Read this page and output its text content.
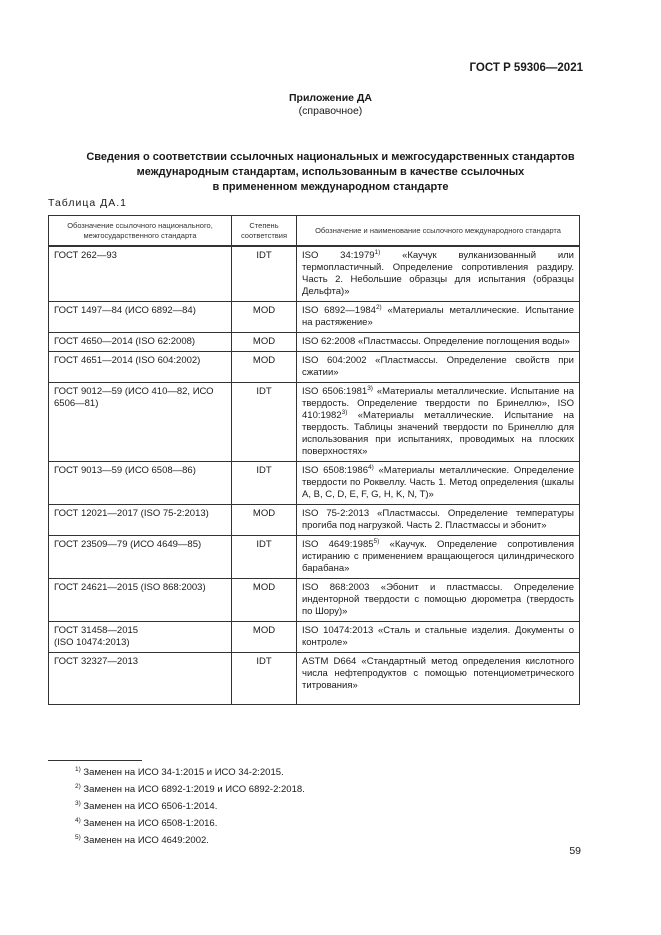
ГОСТ Р 59306—2021
Приложение ДА
(справочное)
Сведения о соответствии ссылочных национальных и межгосударственных стандартов
международным стандартам, использованным в качестве ссылочных
в примененном международном стандарте
Таблица ДА.1
Обозначение ссылочного национального, межгосударственного стандарта	Степень соответствия	Обозначение и наименование ссылочного международного стандарта
ГОСТ 262—93	IDT	ISO 34:1979$^{1)}$ «Каучук вулканизованный или термопластичный. Определение сопротивления раздиру. Часть 2. Небольшие образцы для испытания (образцы Дельфта)»
ГОСТ 1497—84 (ИСО 6892—84)	MOD	ISO 6892—1984$^{2)}$ «Материалы металлические. Испытание на растяжение»
ГОСТ 4650—2014 (ISO 62:2008)	MOD	ISO 62:2008 «Пластмассы. Определение поглощения воды»
ГОСТ 4651—2014 (ISO 604:2002)	MOD	ISO 604:2002 «Пластмассы. Определение свойств при сжатии»
ГОСТ 9012—59 (ИСО 410—82, ИСО 6506—81)	IDT	ISO 6506:1981$^{3)}$ «Материалы металлические. Испытание на твердость. Определение твердости по Бринеллю», ISO 410:1982$^{3)}$ «Материалы металлические. Испытание на твердость. Таблицы значений твердости по Бринеллю для использования при испытаниях, проводимых на плоских поверхностях»
ГОСТ 9013—59 (ИСО 6508—86)	IDT	ISO 6508:1986$^{4)}$ «Материалы металлические. Определение твердости по Роквеллу. Часть 1. Метод определения (шкалы A, B, C, D, E, F, G, H, K, N, T)»
ГОСТ 12021—2017 (ISO 75-2:2013)	MOD	ISO 75-2:2013 «Пластмассы. Определение температуры прогиба под нагрузкой. Часть 2. Пластмассы и эбонит»
ГОСТ 23509—79 (ИСО 4649—85)	IDT	ISO 4649:1985$^{5)}$ «Каучук. Определение сопротивления истиранию с применением вращающегося цилиндрического барабана»
ГОСТ 24621—2015 (ISO 868:2003)	MOD	ISO 868:2003 «Эбонит и пластмассы. Определение инденторной твердости с помощью дюрометра (твердость по Шору)»

ГОСТ 31458—2015
(ISO 10474:2013)	MOD	ISO 10474:2013 «Сталь и стальные изделия. Документы о контроле»
ГОСТ 32327—2013	IDT	ASTM D664 «Стандартный метод определения кислотного числа нефтепродуктов с помощью потенциометрического титрования»
$^{1)}$ Заменен на ИСО 34-1:2015 и ИСО 34-2:2015.
$^{2)}$ Заменен на ИСО 6892-1:2019 и ИСО 6892-2:2018.
$^{3)}$ Заменен на ИСО 6506-1:2014.
$^{4)}$ Заменен на ИСО 6508-1:2016.
$^{5)}$ Заменен на ИСО 4649:2002.
59
